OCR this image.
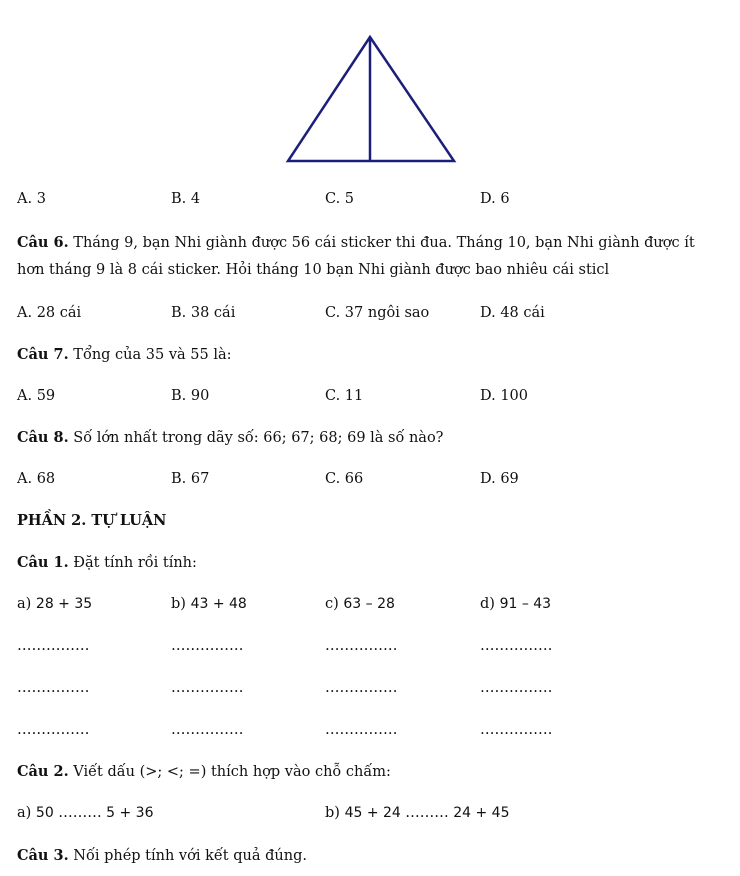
A. 3	B. 4	C. 5	D. 6
Câu 6. Tháng 9, bạn Nhi giành được 56 cái sticker thi đua. Tháng 10, bạn Nhi giành được ít
hơn tháng 9 là 8 cái sticker. Hỏi tháng 10 bạn Nhi giành được bao nhiêu cái sticl
A. 28 cái	B. 38 cái	C. 37 ngôi sao	D. 48 cái
Câu 7. Tổng của 35 và 55 là:
A. 59	B. 90	C. 11	D. 100
Câu 8. Số lớn nhất trong dãy số: 66; 67; 68; 69 là số nào?
A. 68	B. 67	C. 66	D. 69
PHẦN 2. TỰ LUẬN
Câu 1. Đặt tính rồi tính:
a) 28 + 35	b) 43 + 48	c) 63 – 28	d) 91 – 43
……………	……………	……………	……………
……………	……………	……………	……………
……………	……………	……………	……………
Câu 2. Viết dấu (>; <; =) thích hợp vào chỗ chấm:
a) 50 ……… 5 + 36	b) 45 + 24 ……… 24 + 45
Câu 3. Nối phép tính với kết quả đúng.
